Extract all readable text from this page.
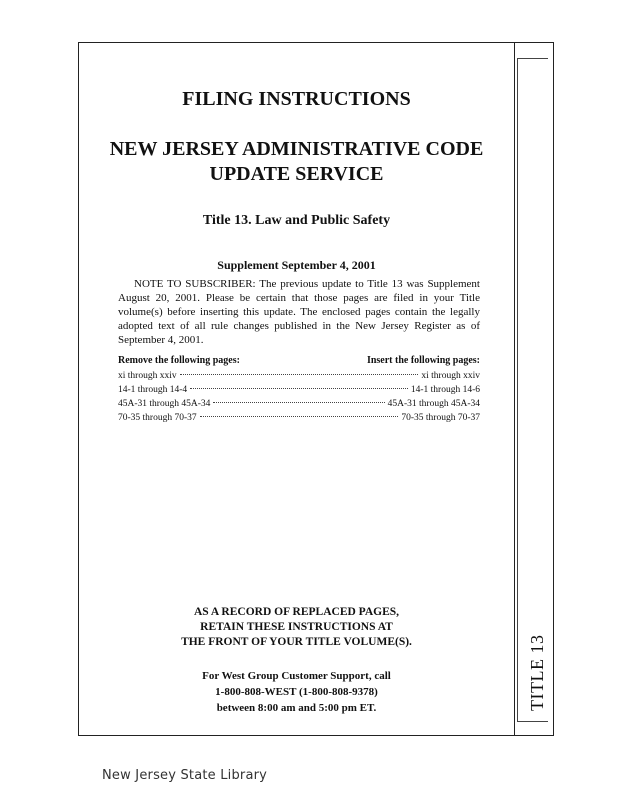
TITLE 13
FILING INSTRUCTIONS
NEW JERSEY ADMINISTRATIVE CODE
UPDATE SERVICE
Title 13. Law and Public Safety
Supplement September 4, 2001
NOTE TO SUBSCRIBER: The previous update to Title 13 was Supplement August 20, 2001. Please be certain that those pages are filed in your Title volume(s) before inserting this update. The enclosed pages contain the legally adopted text of all rule changes published in the New Jersey Register as of September 4, 2001.
Remove the following pages:	Insert the following pages:
xi through xxiv	xi through xxiv
14-1 through 14-4	14-1 through 14-6
45A-31 through 45A-34	45A-31 through 45A-34
70-35 through 70-37	70-35 through 70-37
AS A RECORD OF REPLACED PAGES,
RETAIN THESE INSTRUCTIONS AT
THE FRONT OF YOUR TITLE VOLUME(S).
For West Group Customer Support, call
1-800-808-WEST (1-800-808-9378)
between 8:00 am and 5:00 pm ET.
New Jersey State Library
